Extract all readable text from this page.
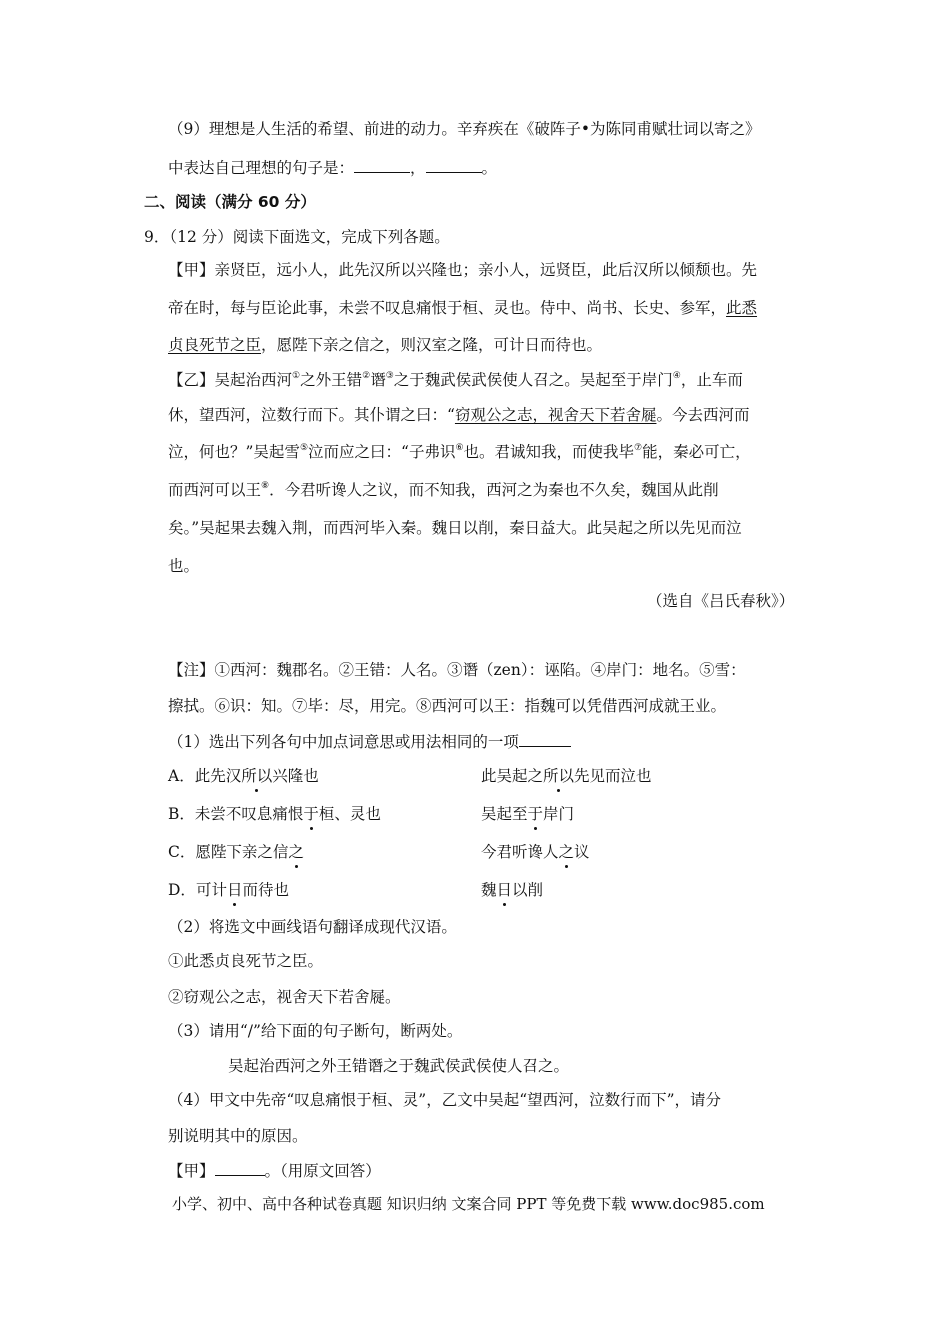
（9）理想是人生活的希望、前进的动力。辛弃疾在《破阵子•为陈同甫赋壮词以寄之》
中表达自己理想的句子是：	，	。
二、阅读（满分 60 分）
9．（12 分）阅读下面选文，完成下列各题。
【甲】亲贤臣，远小人，此先汉所以兴隆也；亲小人，远贤臣，此后汉所以倾颓也。先
帝在时，每与臣论此事，未尝不叹息痛恨于桓、灵也。侍中、尚书、长史、参军，此悉
贞良死节之臣，愿陛下亲之信之，则汉室之隆，可计日而待也。
【乙】吴起治西河①之外王错②谮③之于魏武侯武侯使人召之。吴起至于岸门④，止车而
休，望西河，泣数行而下。其仆谓之曰：“窃观公之志，视舍天下若舍屣。今去西河而
泣，何也？”吴起雪⑤泣而应之曰：“子弗识⑥也。君诚知我，而使我毕⑦能，秦必可亡，
而西河可以王⑧．今君听谗人之议，而不知我，西河之为秦也不久矣，魏国从此削
矣。”吴起果去魏入荆，而西河毕入秦。魏日以削，秦日益大。此吴起之所以先见而泣
也。
（选自《吕氏春秋》）
【注】①西河：魏郡名。②王错：人名。③谮（zen）：诬陷。④岸门：地名。⑤雪：
擦拭。⑥识：知。⑦毕：尽，用完。⑧西河可以王：指魏可以凭借西河成就王业。
（1）选出下列各句中加点词意思或用法相同的一项
A．此先汉所以兴隆也	此吴起之所以先见而泣也
B．未尝不叹息痛恨于桓、灵也	吴起至于岸门
C．愿陛下亲之信之	今君听谗人之议
D．可计日而待也	魏日以削
（2）将选文中画线语句翻译成现代汉语。
①此悉贞良死节之臣。
②窃观公之志，视舍天下若舍屣。
（3）请用“/”给下面的句子断句，断两处。
吴起治西河之外王错谮之于魏武侯武侯使人召之。
（4）甲文中先帝“叹息痛恨于桓、灵”，乙文中吴起“望西河，泣数行而下”，请分
别说明其中的原因。
【甲】	。（用原文回答）
小学、初中、高中各种试卷真题 知识归纳 文案合同 PPT 等免费下载 www.doc985.com
